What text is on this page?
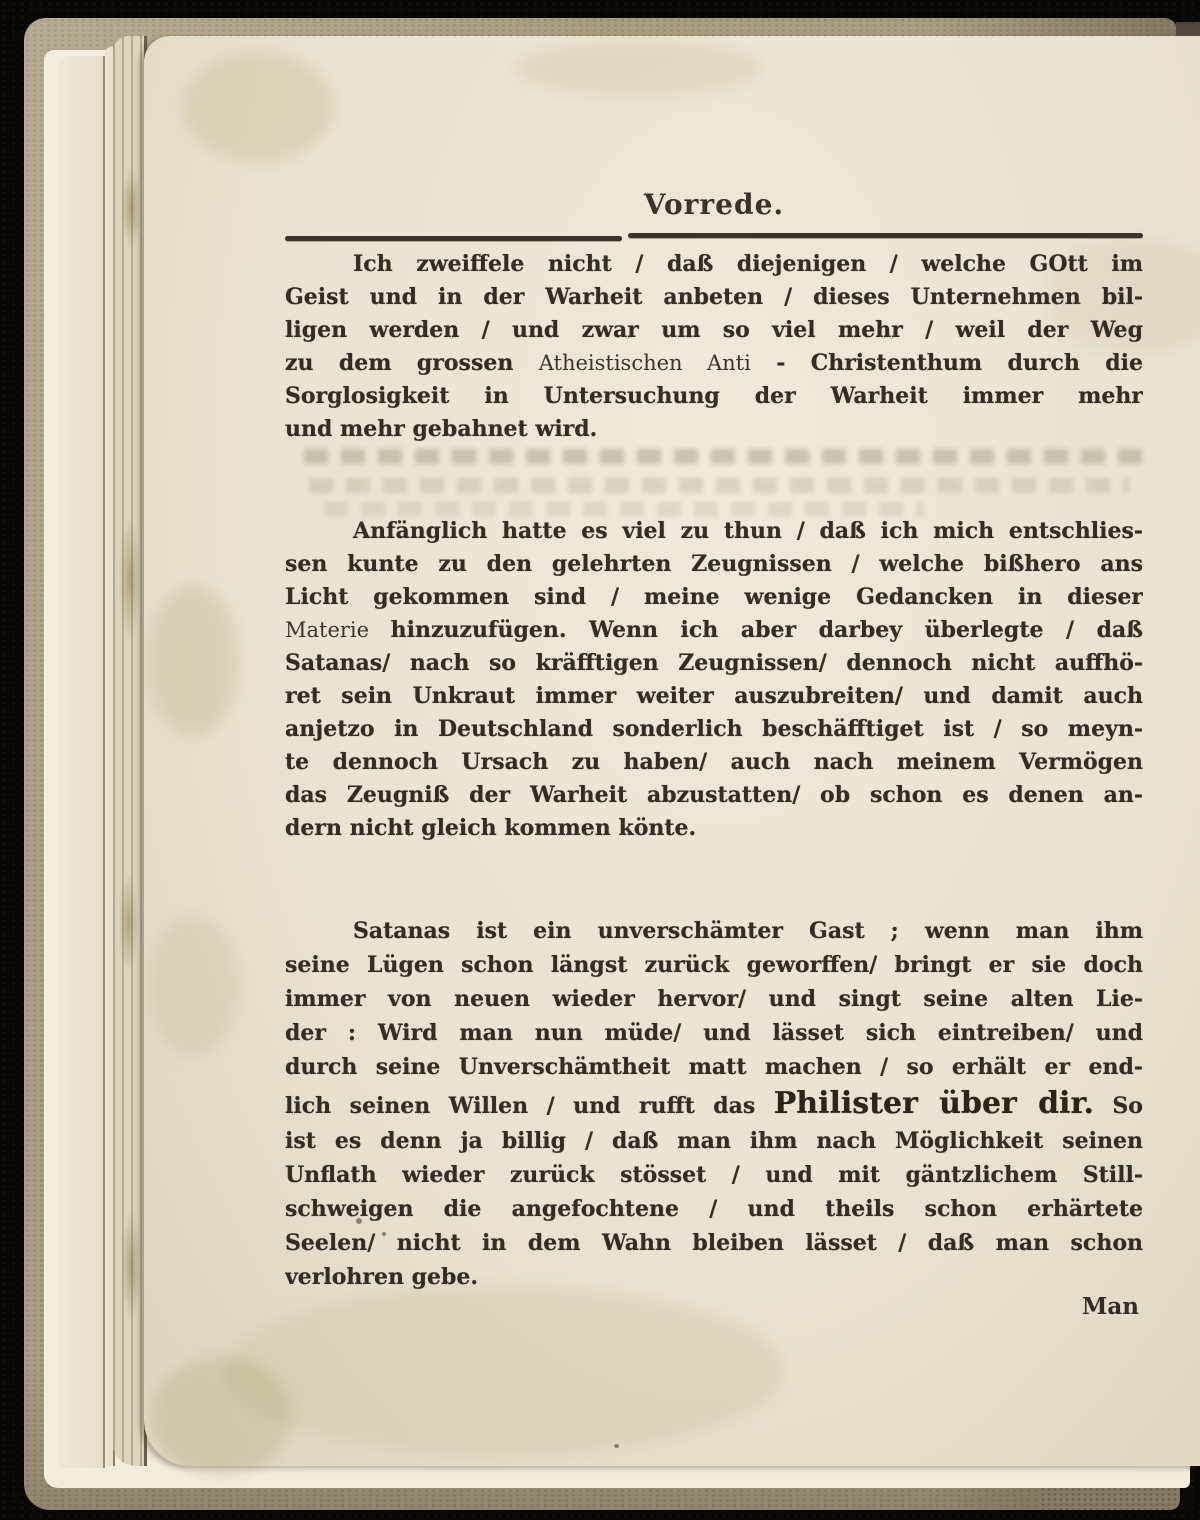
Vorrede.
Ich zweiffele nicht / daß diejenigen / welche GOtt im
Geist und in der Warheit anbeten / dieses Unternehmen bil-
ligen werden / und zwar um so viel mehr / weil der Weg
zu dem grossen Atheistischen Anti - Christenthum durch die
Sorglosigkeit in Untersuchung der Warheit immer mehr
und mehr gebahnet wird.
Anfänglich hatte es viel zu thun / daß ich mich entschlies-
sen kunte zu den gelehrten Zeugnissen / welche bißhero ans
Licht gekommen sind / meine wenige Gedancken in dieser
Materie hinzuzufügen. Wenn ich aber darbey überlegte / daß
Satanas/ nach so kräfftigen Zeugnissen/ dennoch nicht auffhö-
ret sein Unkraut immer weiter auszubreiten/ und damit auch
anjetzo in Deutschland sonderlich beschäfftiget ist / so meyn-
te dennoch Ursach zu haben/ auch nach meinem Vermögen
das Zeugniß der Warheit abzustatten/ ob schon es denen an-
dern nicht gleich kommen könte.
Satanas ist ein unverschämter Gast ; wenn man ihm
seine Lügen schon längst zurück geworffen/ bringt er sie doch
immer von neuen wieder hervor/ und singt seine alten Lie-
der : Wird man nun müde/ und lässet sich eintreiben/ und
durch seine Unverschämtheit matt machen / so erhält er end-
lich seinen Willen / und rufft das Philister über dir. So
ist es denn ja billig / daß man ihm nach Möglichkeit seinen
Unflath wieder zurück stösset / und mit gäntzlichem Still-
schweigen die angefochtene / und theils schon erhärtete
Seelen/ nicht in dem Wahn bleiben lässet / daß man schon
verlohren gebe.
Man
